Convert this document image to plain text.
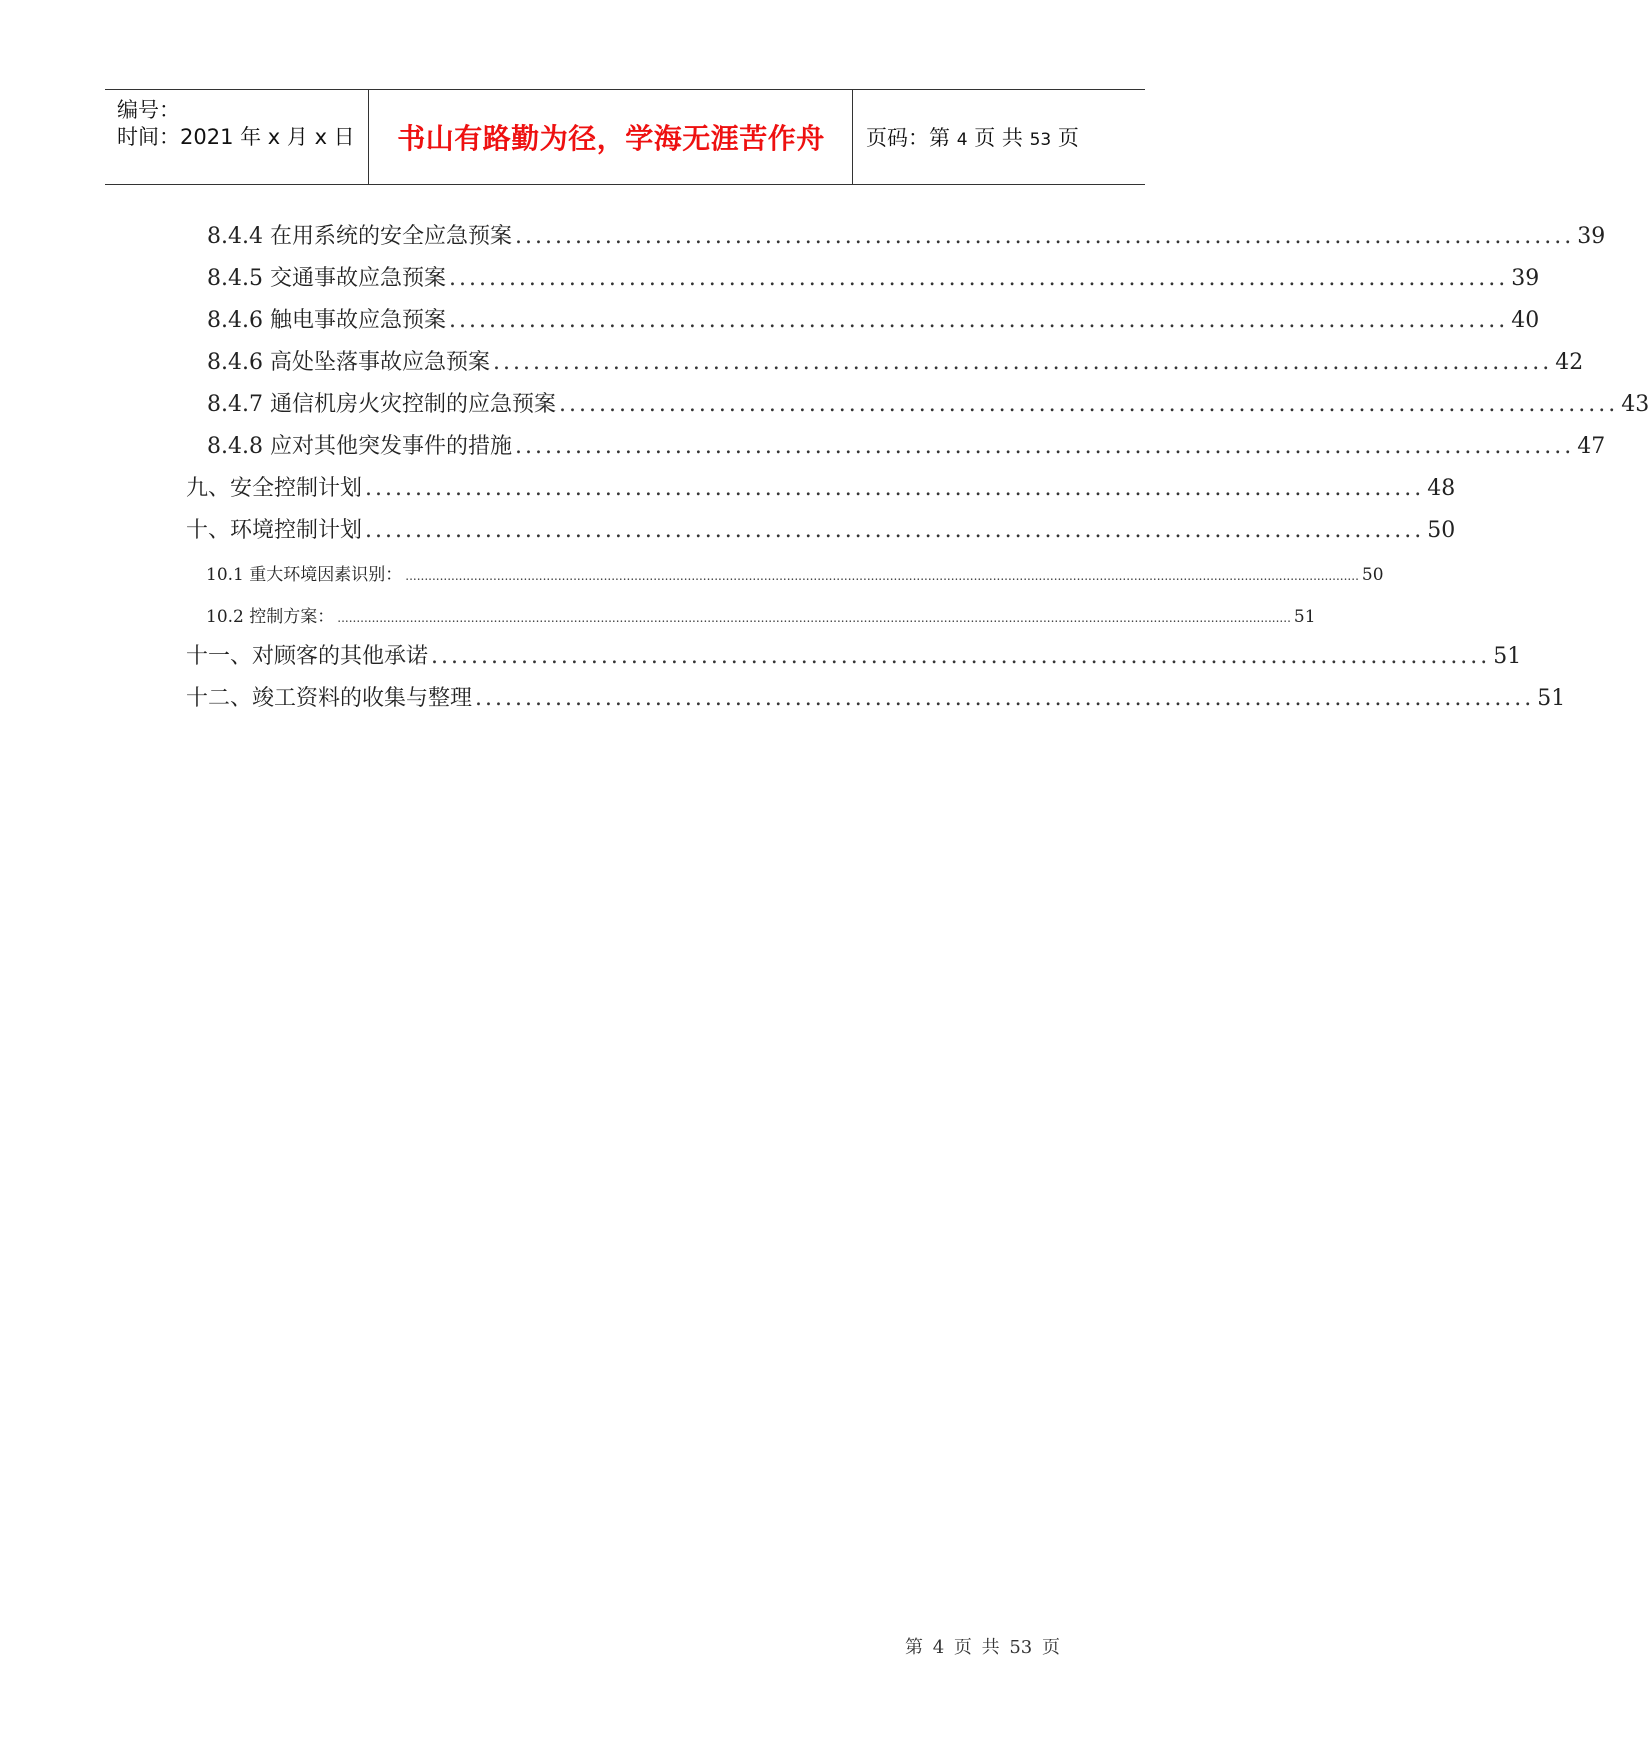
编号：
时间：2021 年 x 月 x 日 书山有路勤为径，学海无涯苦作舟	页码：第 4 页 共 53 页
8.4.4 在用系统的安全应急预案 .......................................................................................................... 39
8.4.5 交通事故应急预案 .......................................................................................................... 39
8.4.6 触电事故应急预案 .......................................................................................................... 40
8.4.6 高处坠落事故应急预案 .......................................................................................................... 42
8.4.7 通信机房火灾控制的应急预案 .......................................................................................................... 43
8.4.8 应对其他突发事件的措施 .......................................................................................................... 47
九、安全控制计划 .......................................................................................................... 48
十、环境控制计划 .......................................................................................................... 50
10.1 重大环境因素识别： .......................................................................................................................................................................................................................................................... 50
10.2 控制方案： .......................................................................................................................................................................................................................................................... 51
十一、对顾客的其他承诺 .......................................................................................................... 51
十二、竣工资料的收集与整理 .......................................................................................................... 51
第 4 页 共 53 页
